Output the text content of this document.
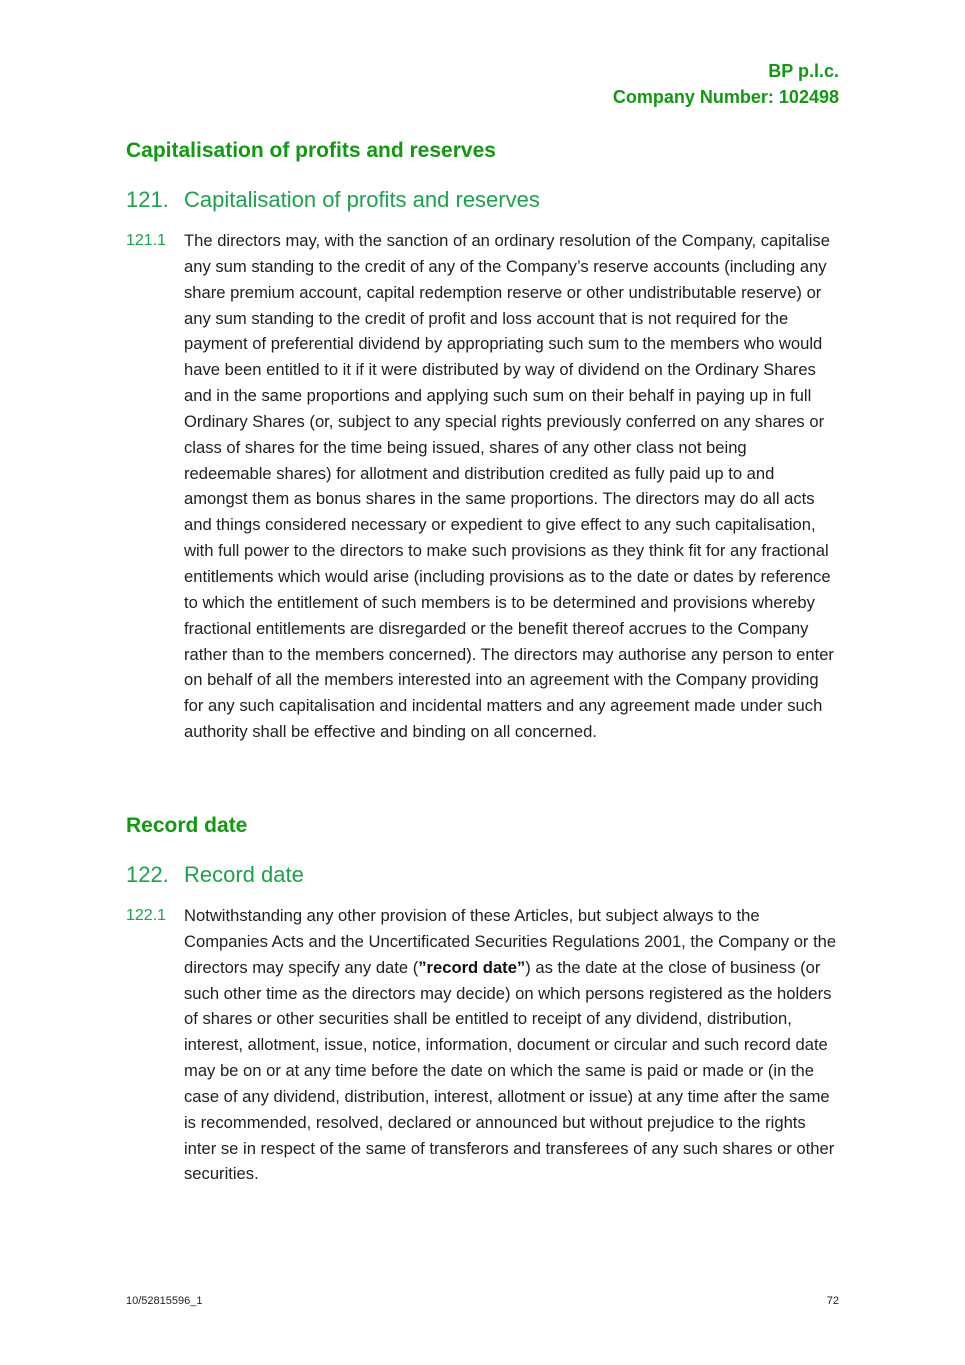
BP p.l.c.
Company Number: 102498
Capitalisation of profits and reserves
121. Capitalisation of profits and reserves
121.1 The directors may, with the sanction of an ordinary resolution of the Company, capitalise any sum standing to the credit of any of the Company’s reserve accounts (including any share premium account, capital redemption reserve or other undistributable reserve) or any sum standing to the credit of profit and loss account that is not required for the payment of preferential dividend by appropriating such sum to the members who would have been entitled to it if it were distributed by way of dividend on the Ordinary Shares and in the same proportions and applying such sum on their behalf in paying up in full Ordinary Shares (or, subject to any special rights previously conferred on any shares or class of shares for the time being issued, shares of any other class not being redeemable shares) for allotment and distribution credited as fully paid up to and amongst them as bonus shares in the same proportions. The directors may do all acts and things considered necessary or expedient to give effect to any such capitalisation, with full power to the directors to make such provisions as they think fit for any fractional entitlements which would arise (including provisions as to the date or dates by reference to which the entitlement of such members is to be determined and provisions whereby fractional entitlements are disregarded or the benefit thereof accrues to the Company rather than to the members concerned). The directors may authorise any person to enter on behalf of all the members interested into an agreement with the Company providing for any such capitalisation and incidental matters and any agreement made under such authority shall be effective and binding on all concerned.
Record date
122. Record date
122.1 Notwithstanding any other provision of these Articles, but subject always to the Companies Acts and the Uncertificated Securities Regulations 2001, the Company or the directors may specify any date (”record date”) as the date at the close of business (or such other time as the directors may decide) on which persons registered as the holders of shares or other securities shall be entitled to receipt of any dividend, distribution, interest, allotment, issue, notice, information, document or circular and such record date may be on or at any time before the date on which the same is paid or made or (in the case of any dividend, distribution, interest, allotment or issue) at any time after the same is recommended, resolved, declared or announced but without prejudice to the rights inter se in respect of the same of transferors and transferees of any such shares or other securities.
10/52815596_1	72
